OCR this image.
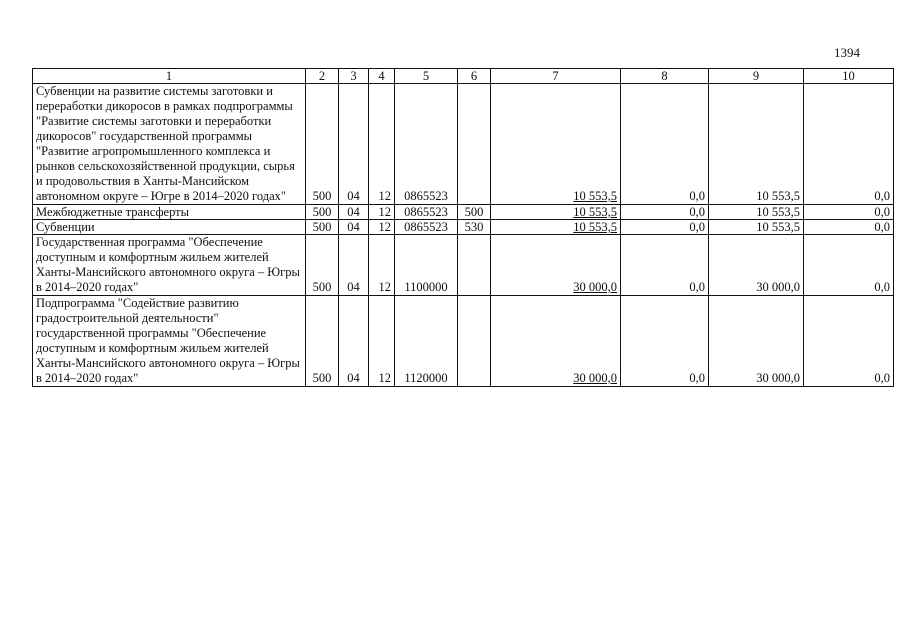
1394
1	2	3	4	5	6	7	8	9	10
Субвенции на развитие системы заготовки и переработки дикоросов в рамках подпрограммы "Развитие системы заготовки и переработки дикоросов" государственной программы "Развитие агропромышленного комплекса и рынков сельскохозяйственной продукции, сырья и продовольствия в Ханты-Мансийском автономном округе – Югре в 2014–2020 годах"	500	04	12	0865523		10 553,5	0,0	10 553,5	0,0
Межбюджетные трансферты	500	04	12	0865523	500	10 553,5	0,0	10 553,5	0,0
Субвенции	500	04	12	0865523	530	10 553,5	0,0	10 553,5	0,0
Государственная программа "Обеспечение доступным и комфортным жильем жителей Ханты-Мансийского автономного округа – Югры в 2014–2020 годах"	500	04	12	1100000		30 000,0	0,0	30 000,0	0,0
Подпрограмма "Содействие развитию градостроительной деятельности" государственной программы "Обеспечение доступным и комфортным жильем жителей Ханты-Мансийского автономного округа – Югры в 2014–2020 годах"	500	04	12	1120000		30 000,0	0,0	30 000,0	0,0
